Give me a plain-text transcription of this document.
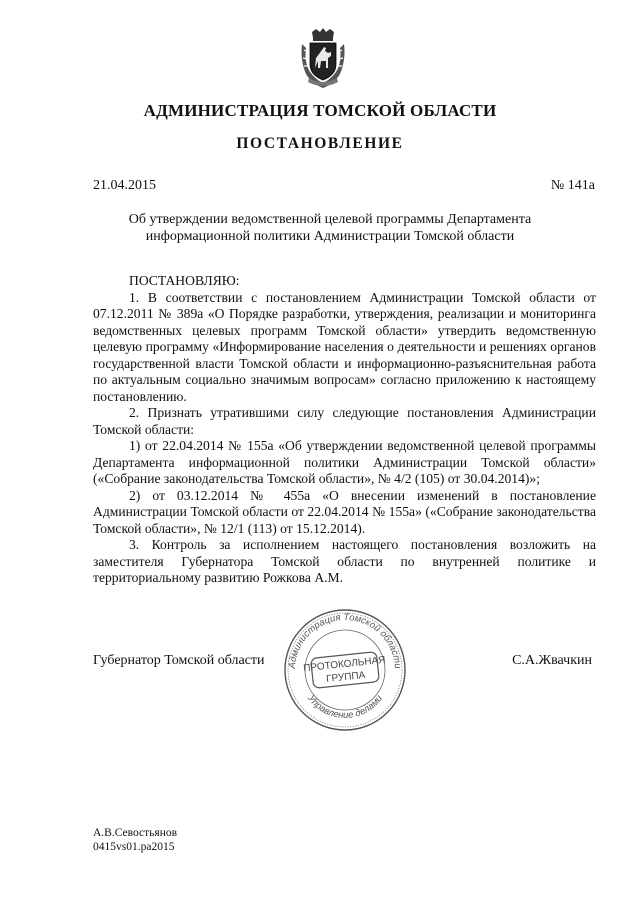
АДМИНИСТРАЦИЯ ТОМСКОЙ ОБЛАСТИ
ПОСТАНОВЛЕНИЕ
21.04.2015	№ 141а
Об утверждении ведомственной целевой программы Департамента информационной политики Администрации Томской области

ПОСТАНОВЛЯЮ:

1. В соответствии с постановлением Администрации Томской области от 07.12.2011 № 389а «О Порядке разработки, утверждения, реализации и мониторинга ведомственных целевых программ Томской области» утвердить ведомственную целевую программу «Информирование населения о деятельности и решениях органов государственной власти Томской области и информационно-разъяснительная работа по актуальным социально значимым вопросам» согласно приложению к настоящему постановлению.

2. Признать утратившими силу следующие постановления Администрации Томской области:

1) от 22.04.2014 № 155а «Об утверждении ведомственной целевой программы Департамента информационной политики Администрации Томской области» («Собрание законодательства Томской области», № 4/2 (105) от 30.04.2014)»;

2) от 03.12.2014 № 455а «О внесении изменений в постановление Администрации Томской области от 22.04.2014 № 155а» («Собрание законодательства Томской области», № 12/1 (113) от 15.12.2014).

3. Контроль за исполнением настоящего постановления возложить на заместителя Губернатора Томской области по внутренней политике и территориальному развитию Рожкова А.М.

Губернатор Томской области	С.А.Жвачкин
Администрация Томской области
Управление делами
ПРОТОКОЛЬНАЯ
ГРУППА
А.В.Севостьянов
0415vs01.ра2015
